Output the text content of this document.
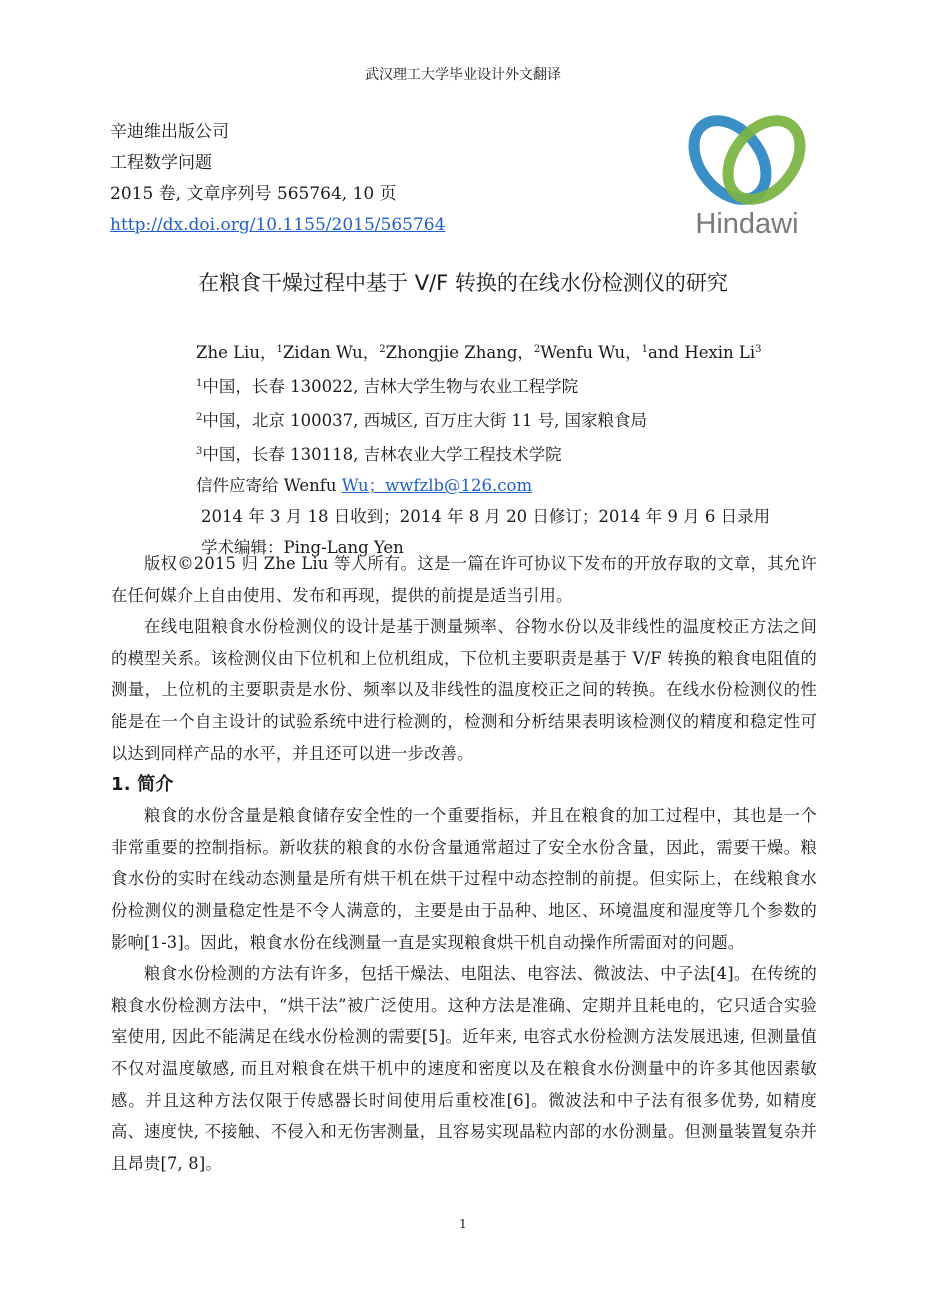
武汉理工大学毕业设计外文翻译
辛迪维出版公司
工程数学问题
2015 卷, 文章序列号 565764, 10 页
http://dx.doi.org/10.1155/2015/565764	Hindawi
在粮食干燥过程中基于 V/F 转换的在线水份检测仪的研究
Zhe Liu，$^1$Zidan Wu，$^2$Zhongjie Zhang，$^2$Wenfu Wu，$^1$and Hexin Li$^3$
$^1$中国，长春 130022, 吉林大学生物与农业工程学院
$^2$中国，北京 100037, 西城区, 百万庄大街 11 号, 国家粮食局
$^3$中国，长春 130118, 吉林农业大学工程技术学院
信件应寄给 Wenfu Wu；wwfzlb@126.com
2014 年 3 月 18 日收到；2014 年 8 月 20 日修订；2014 年 9 月 6 日录用
学术编辑：Ping-Lang Yen

版权©2015 归 Zhe Liu 等人所有。这是一篇在许可协议下发布的开放存取的文章，其允许在任何媒介上自由使用、发布和再现，提供的前提是适当引用。

在线电阻粮食水份检测仪的设计是基于测量频率、谷物水份以及非线性的温度校正方法之间的模型关系。该检测仪由下位机和上位机组成，下位机主要职责是基于 V/F 转换的粮食电阻值的测量，上位机的主要职责是水份、频率以及非线性的温度校正之间的转换。在线水份检测仪的性能是在一个自主设计的试验系统中进行检测的，检测和分析结果表明该检测仪的精度和稳定性可以达到同样产品的水平，并且还可以进一步改善。

1. 简介

粮食的水份含量是粮食储存安全性的一个重要指标，并且在粮食的加工过程中，其也是一个非常重要的控制指标。新收获的粮食的水份含量通常超过了安全水份含量，因此，需要干燥。粮食水份的实时在线动态测量是所有烘干机在烘干过程中动态控制的前提。但实际上，在线粮食水份检测仪的测量稳定性是不令人满意的，主要是由于品种、地区、环境温度和湿度等几个参数的影响[1-3]。因此，粮食水份在线测量一直是实现粮食烘干机自动操作所需面对的问题。

粮食水份检测的方法有许多，包括干燥法、电阻法、电容法、微波法、中子法[4]。在传统的粮食水份检测方法中，“烘干法”被广泛使用。这种方法是准确、定期并且耗电的，它只适合实验室使用, 因此不能满足在线水份检测的需要[5]。近年来, 电容式水份检测方法发展迅速, 但测量值不仅对温度敏感, 而且对粮食在烘干机中的速度和密度以及在粮食水份测量中的许多其他因素敏感。并且这种方法仅限于传感器长时间使用后重校准[6]。微波法和中子法有很多优势, 如精度高、速度快, 不接触、不侵入和无伤害测量，且容易实现晶粒内部的水份测量。但测量装置复杂并且昂贵[7, 8]。

1
